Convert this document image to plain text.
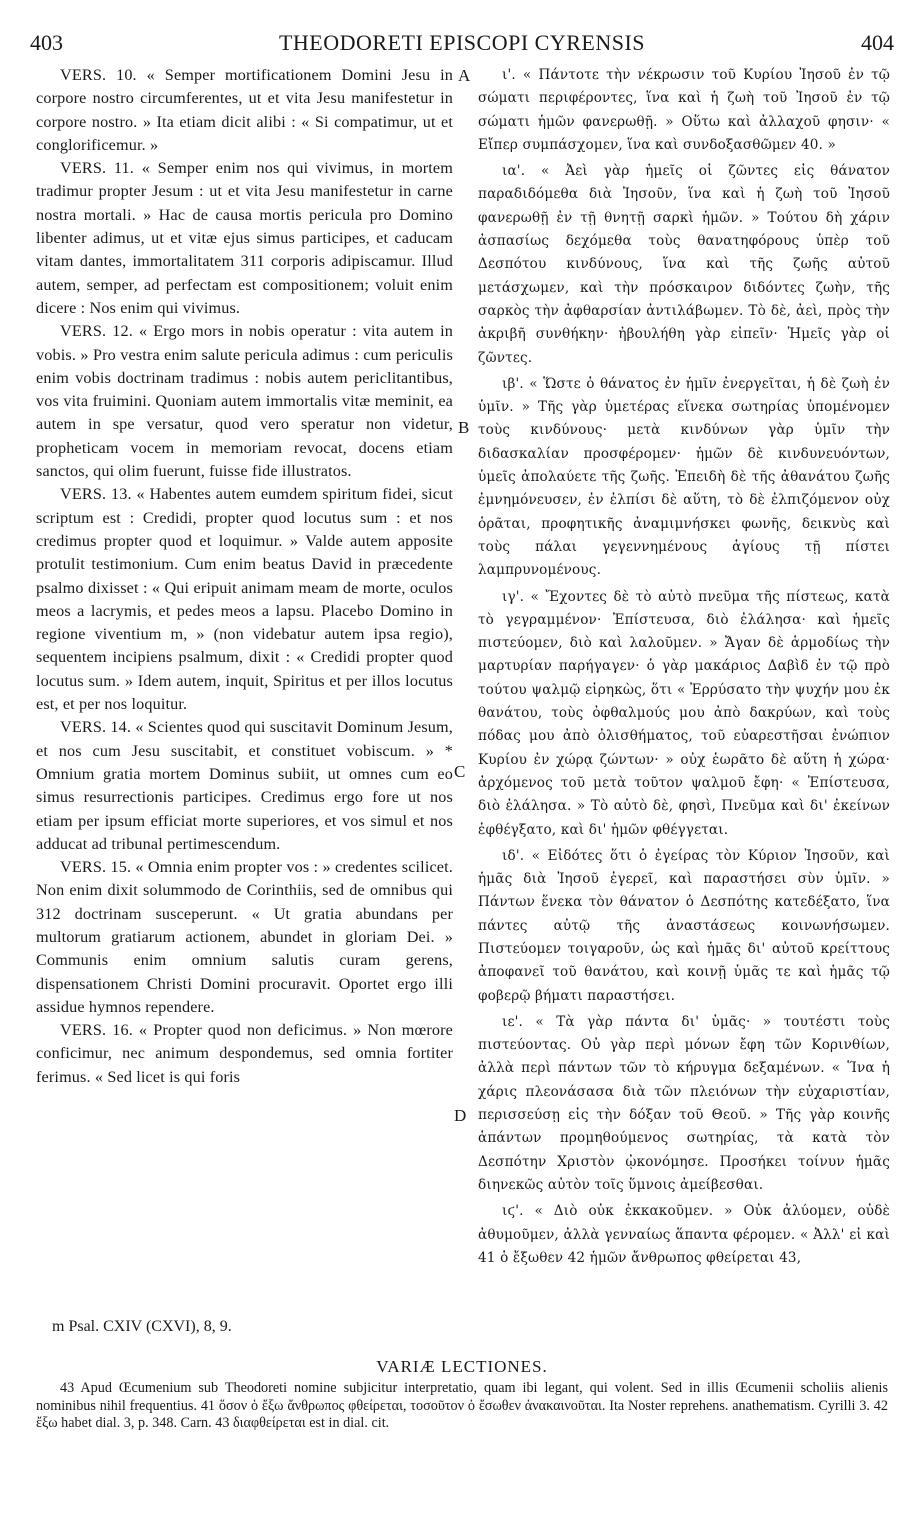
403	THEODORETI EPISCOPI CYRENSIS	404

VERS. 10. « Semper mortificationem Domini Jesu in corpore nostro circumferentes, ut et vita Jesu manifestetur in corpore nostro. » Ita etiam dicit alibi : « Si compatimur, ut et conglorificemur. »

VERS. 11. « Semper enim nos qui vivimus, in mortem tradimur propter Jesum : ut et vita Jesu manifestetur in carne nostra mortali. » Hac de causa mortis pericula pro Domino libenter adimus, ut et vitæ ejus simus participes, et caducam vitam dantes, immortalitatem 311 corporis adipiscamur. Illud autem, semper, ad perfectam est compositionem; voluit enim dicere : Nos enim qui vivimus.

VERS. 12. « Ergo mors in nobis operatur : vita autem in vobis. » Pro vestra enim salute pericula adimus : cum periculis enim vobis doctrinam tradimus : nobis autem periclitantibus, vos vita fruimini. Quoniam autem immortalis vitæ meminit, ea autem in spe versatur, quod vero speratur non videtur, propheticam vocem in memoriam revocat, docens etiam sanctos, qui olim fuerunt, fuisse fide illustratos.

VERS. 13. « Habentes autem eumdem spiritum fidei, sicut scriptum est : Credidi, propter quod locutus sum : et nos credimus propter quod et loquimur. » Valde autem apposite protulit testimonium. Cum enim beatus David in præcedente psalmo dixisset : « Qui eripuit animam meam de morte, oculos meos a lacrymis, et pedes meos a lapsu. Placebo Domino in regione viventium m, » (non videbatur autem ipsa regio), sequentem incipiens psalmum, dixit : « Credidi propter quod locutus sum. » Idem autem, inquit, Spiritus et per illos locutus est, et per nos loquitur.

VERS. 14. « Scientes quod qui suscitavit Dominum Jesum, et nos cum Jesu suscitabit, et constituet vobiscum. » * Omnium gratia mortem Dominus subiit, ut omnes cum eo simus resurrectionis participes. Credimus ergo fore ut nos etiam per ipsum efficiat morte superiores, et vos simul et nos adducat ad tribunal pertimescendum.

VERS. 15. « Omnia enim propter vos : » credentes scilicet. Non enim dixit solummodo de Corinthiis, sed de omnibus qui 312 doctrinam susceperunt. « Ut gratia abundans per multorum gratiarum actionem, abundet in gloriam Dei. » Communis enim omnium salutis curam gerens, dispensationem Christi Domini procuravit. Oportet ergo illi assidue hymnos rependere.

VERS. 16. « Propter quod non deficimus. » Non mœrore conficimur, nec animum despondemus, sed omnia fortiter ferimus. « Sed licet is qui foris

A
B
C
D

ι'. « Πάντοτε τὴν νέκρωσιν τοῦ Κυρίου Ἰησοῦ ἐν τῷ σώματι περιφέροντες, ἵνα καὶ ἡ ζωὴ τοῦ Ἰησοῦ ἐν τῷ σώματι ἡμῶν φανερωθῇ. » Οὕτω καὶ ἀλλαχοῦ φησιν· « Εἴπερ συμπάσχομεν, ἵνα καὶ συνδοξασθῶμεν 40. »

ια'. « Ἀεὶ γὰρ ἡμεῖς οἱ ζῶντες εἰς θάνατον παραδιδόμεθα διὰ Ἰησοῦν, ἵνα καὶ ἡ ζωὴ τοῦ Ἰησοῦ φανερωθῇ ἐν τῇ θνητῇ σαρκὶ ἡμῶν. » Τούτου δὴ χάριν ἀσπασίως δεχόμεθα τοὺς θανατηφόρους ὑπὲρ τοῦ Δεσπότου κινδύνους, ἵνα καὶ τῆς ζωῆς αὐτοῦ μετάσχωμεν, καὶ τὴν πρόσκαιρον διδόντες ζωὴν, τῆς σαρκὸς τὴν ἀφθαρσίαν ἀντιλάβωμεν. Τὸ δὲ, ἀεὶ, πρὸς τὴν ἀκριβῆ συνθήκην· ἠβουλήθη γὰρ εἰπεῖν· Ἡμεῖς γὰρ οἱ ζῶντες.

ιβ'. « Ὥστε ὁ θάνατος ἐν ἡμῖν ἐνεργεῖται, ἡ δὲ ζωὴ ἐν ὑμῖν. » Τῆς γὰρ ὑμετέρας εἵνεκα σωτηρίας ὑπομένομεν τοὺς κινδύνους· μετὰ κινδύνων γὰρ ὑμῖν τὴν διδασκαλίαν προσφέρομεν· ἡμῶν δὲ κινδυνευόντων, ὑμεῖς ἀπολαύετε τῆς ζωῆς. Ἐπειδὴ δὲ τῆς ἀθανάτου ζωῆς ἐμνημόνευσεν, ἐν ἐλπίσι δὲ αὕτη, τὸ δὲ ἐλπιζόμενον οὐχ ὁρᾶται, προφητικῆς ἀναμιμνήσκει φωνῆς, δεικνὺς καὶ τοὺς πάλαι γεγεννημένους ἁγίους τῇ πίστει λαμπρυνομένους.

ιγ'. « Ἔχοντες δὲ τὸ αὐτὸ πνεῦμα τῆς πίστεως, κατὰ τὸ γεγραμμένον· Ἐπίστευσα, διὸ ἐλάλησα· καὶ ἡμεῖς πιστεύομεν, διὸ καὶ λαλοῦμεν. » Ἄγαν δὲ ἁρμοδίως τὴν μαρτυρίαν παρήγαγεν· ὁ γὰρ μακάριος Δαβὶδ ἐν τῷ πρὸ τούτου ψαλμῷ εἰρηκὼς, ὅτι « Ἐρρύσατο τὴν ψυχήν μου ἐκ θανάτου, τοὺς ὀφθαλμούς μου ἀπὸ δακρύων, καὶ τοὺς πόδας μου ἀπὸ ὀλισθήματος, τοῦ εὐαρεστῆσαι ἐνώπιον Κυρίου ἐν χώρᾳ ζώντων· » οὐχ ἑωρᾶτο δὲ αὕτη ἡ χώρα· ἀρχόμενος τοῦ μετὰ τοῦτον ψαλμοῦ ἔφη· « Ἐπίστευσα, διὸ ἐλάλησα. » Τὸ αὐτὸ δὲ, φησὶ, Πνεῦμα καὶ δι' ἐκείνων ἐφθέγξατο, καὶ δι' ἡμῶν φθέγγεται.

ιδ'. « Εἰδότες ὅτι ὁ ἐγείρας τὸν Κύριον Ἰησοῦν, καὶ ἡμᾶς διὰ Ἰησοῦ ἐγερεῖ, καὶ παραστήσει σὺν ὑμῖν. » Πάντων ἕνεκα τὸν θάνατον ὁ Δεσπότης κατεδέξατο, ἵνα πάντες αὐτῷ τῆς ἀναστάσεως κοινωνήσωμεν. Πιστεύομεν τοιγαροῦν, ὡς καὶ ἡμᾶς δι' αὐτοῦ κρείττους ἀποφανεῖ τοῦ θανάτου, καὶ κοινῇ ὑμᾶς τε καὶ ἡμᾶς τῷ φοβερῷ βήματι παραστήσει.

ιε'. « Τὰ γὰρ πάντα δι' ὑμᾶς· » τουτέστι τοὺς πιστεύοντας. Οὐ γὰρ περὶ μόνων ἔφη τῶν Κορινθίων, ἀλλὰ περὶ πάντων τῶν τὸ κήρυγμα δεξαμένων. « Ἵνα ἡ χάρις πλεονάσασα διὰ τῶν πλειόνων τὴν εὐχαριστίαν, περισσεύσῃ εἰς τὴν δόξαν τοῦ Θεοῦ. » Τῆς γὰρ κοινῆς ἁπάντων προμηθούμενος σωτηρίας, τὰ κατὰ τὸν Δεσπότην Χριστὸν ᾠκονόμησε. Προσήκει τοίνυν ἡμᾶς διηνεκῶς αὐτὸν τοῖς ὕμνοις ἀμείβεσθαι.

ιϛ'. « Διὸ οὐκ ἐκκακοῦμεν. » Οὐκ ἀλύομεν, οὐδὲ ἀθυμοῦμεν, ἀλλὰ γενναίως ἅπαντα φέρομεν. « Ἀλλ' εἰ καὶ 41 ὁ ἔξωθεν 42 ἡμῶν ἄνθρωπος φθείρεται 43,

m Psal. CXIV (CXVI), 8, 9.
VARIÆ LECTIONES.

43 Apud Œcumenium sub Theodoreti nomine subjicitur interpretatio, quam ibi legant, qui volent. Sed in illis Œcumenii scholiis alienis nominibus nihil frequentius. 41 ὅσον ὁ ἔξω ἄνθρωπος φθείρεται, τοσοῦτον ὁ ἔσωθεν ἀνακαινοῦται. Ita Noster reprehens. anathematism. Cyrilli 3. 42 ἔξω habet dial. 3, p. 348. Carn. 43 διαφθείρεται est in dial. cit.
